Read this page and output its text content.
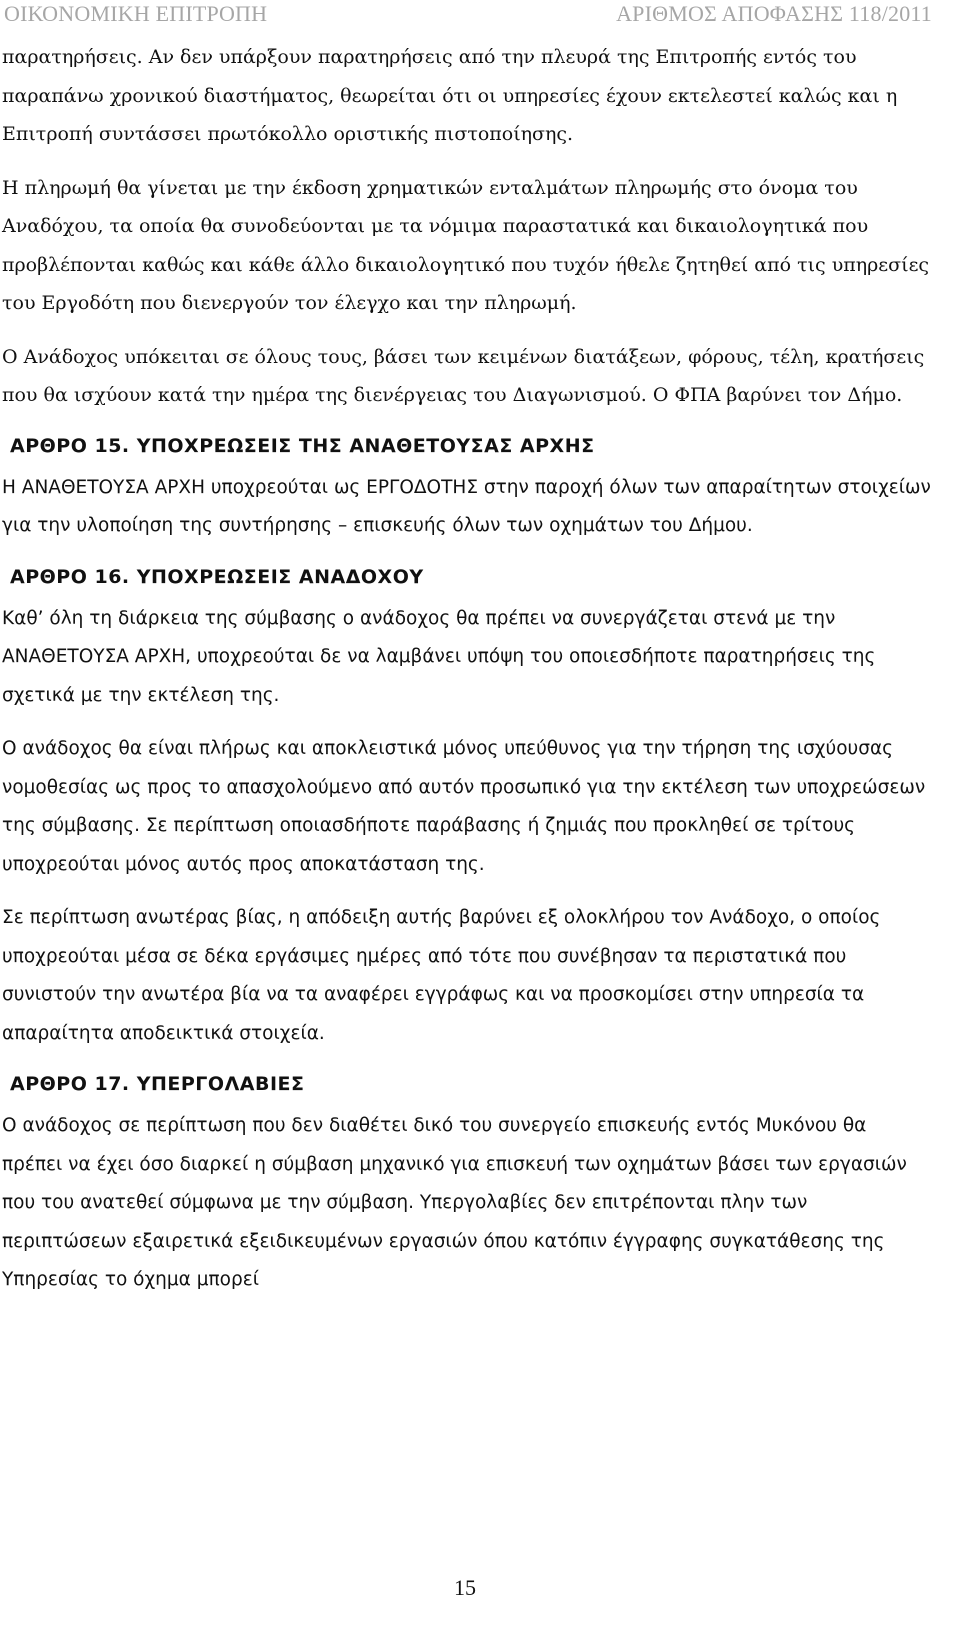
ΟΙΚΟΝΟΜΙΚΗ ΕΠΙΤΡΟΠΗ	ΑΡΙΘΜΟΣ ΑΠΟΦΑΣΗΣ 118/2011

παρατηρήσεις. Αν δεν υπάρξουν παρατηρήσεις από την πλευρά της Επιτροπής εντός του παραπάνω χρονικού διαστήματος, θεωρείται ότι οι υπηρεσίες έχουν εκτελεστεί καλώς και η Επιτροπή συντάσσει πρωτόκολλο οριστικής πιστοποίησης.

Η πληρωμή θα γίνεται με την έκδοση χρηματικών ενταλμάτων πληρωμής στο όνομα του Αναδόχου, τα οποία θα συνοδεύονται με τα νόμιμα παραστατικά και δικαιολογητικά που προβλέπονται καθώς και κάθε άλλο δικαιολογητικό που τυχόν ήθελε ζητηθεί από τις υπηρεσίες του Εργοδότη που διενεργούν τον έλεγχο και την πληρωμή.

Ο Ανάδοχος υπόκειται σε όλους τους, βάσει των κειμένων διατάξεων, φόρους, τέλη, κρατήσεις που θα ισχύουν κατά την ημέρα της διενέργειας του Διαγωνισμού. Ο ΦΠΑ βαρύνει τον Δήμο.

ΑΡΘΡΟ 15. ΥΠΟΧΡΕΩΣΕΙΣ ΤΗΣ ΑΝΑΘΕΤΟΥΣΑΣ ΑΡΧΗΣ

Η ΑΝΑΘΕΤΟΥΣΑ ΑΡΧΗ υποχρεούται ως ΕΡΓΟΔΟΤΗΣ στην παροχή όλων των απαραίτητων στοιχείων για την υλοποίηση της συντήρησης – επισκευής όλων των οχημάτων του Δήμου.

ΑΡΘΡΟ 16. ΥΠΟΧΡΕΩΣΕΙΣ ΑΝΑΔΟΧΟΥ

Καθ’ όλη τη διάρκεια της σύμβασης ο ανάδοχος θα πρέπει να συνεργάζεται στενά με την ΑΝΑΘΕΤΟΥΣΑ ΑΡΧΗ, υποχρεούται δε να λαμβάνει υπόψη του οποιεσδήποτε παρατηρήσεις της σχετικά με την εκτέλεση της.

Ο ανάδοχος θα είναι πλήρως και αποκλειστικά μόνος υπεύθυνος για την τήρηση της ισχύουσας νομοθεσίας ως προς το απασχολούμενο από αυτόν προσωπικό για την εκτέλεση των υποχρεώσεων της σύμβασης. Σε περίπτωση οποιασδήποτε παράβασης ή ζημιάς που προκληθεί σε τρίτους υποχρεούται μόνος αυτός προς αποκατάσταση της.

Σε περίπτωση ανωτέρας βίας, η απόδειξη αυτής βαρύνει εξ ολοκλήρου τον Ανάδοχο, ο οποίος υποχρεούται μέσα σε δέκα εργάσιμες ημέρες από τότε που συνέβησαν τα περιστατικά που συνιστούν την ανωτέρα βία να τα αναφέρει εγγράφως και να προσκομίσει στην υπηρεσία τα απαραίτητα αποδεικτικά στοιχεία.

ΑΡΘΡΟ 17. ΥΠΕΡΓΟΛΑΒΙΕΣ

Ο ανάδοχος σε περίπτωση που δεν διαθέτει δικό του συνεργείο επισκευής εντός Μυκόνου θα πρέπει να έχει όσο διαρκεί η σύμβαση μηχανικό για επισκευή των οχημάτων βάσει των εργασιών που του ανατεθεί σύμφωνα με την σύμβαση. Υπεργολαβίες δεν επιτρέπονται πλην των περιπτώσεων εξαιρετικά εξειδικευμένων εργασιών όπου κατόπιν έγγραφης συγκατάθεσης της Υπηρεσίας το όχημα μπορεί

15
